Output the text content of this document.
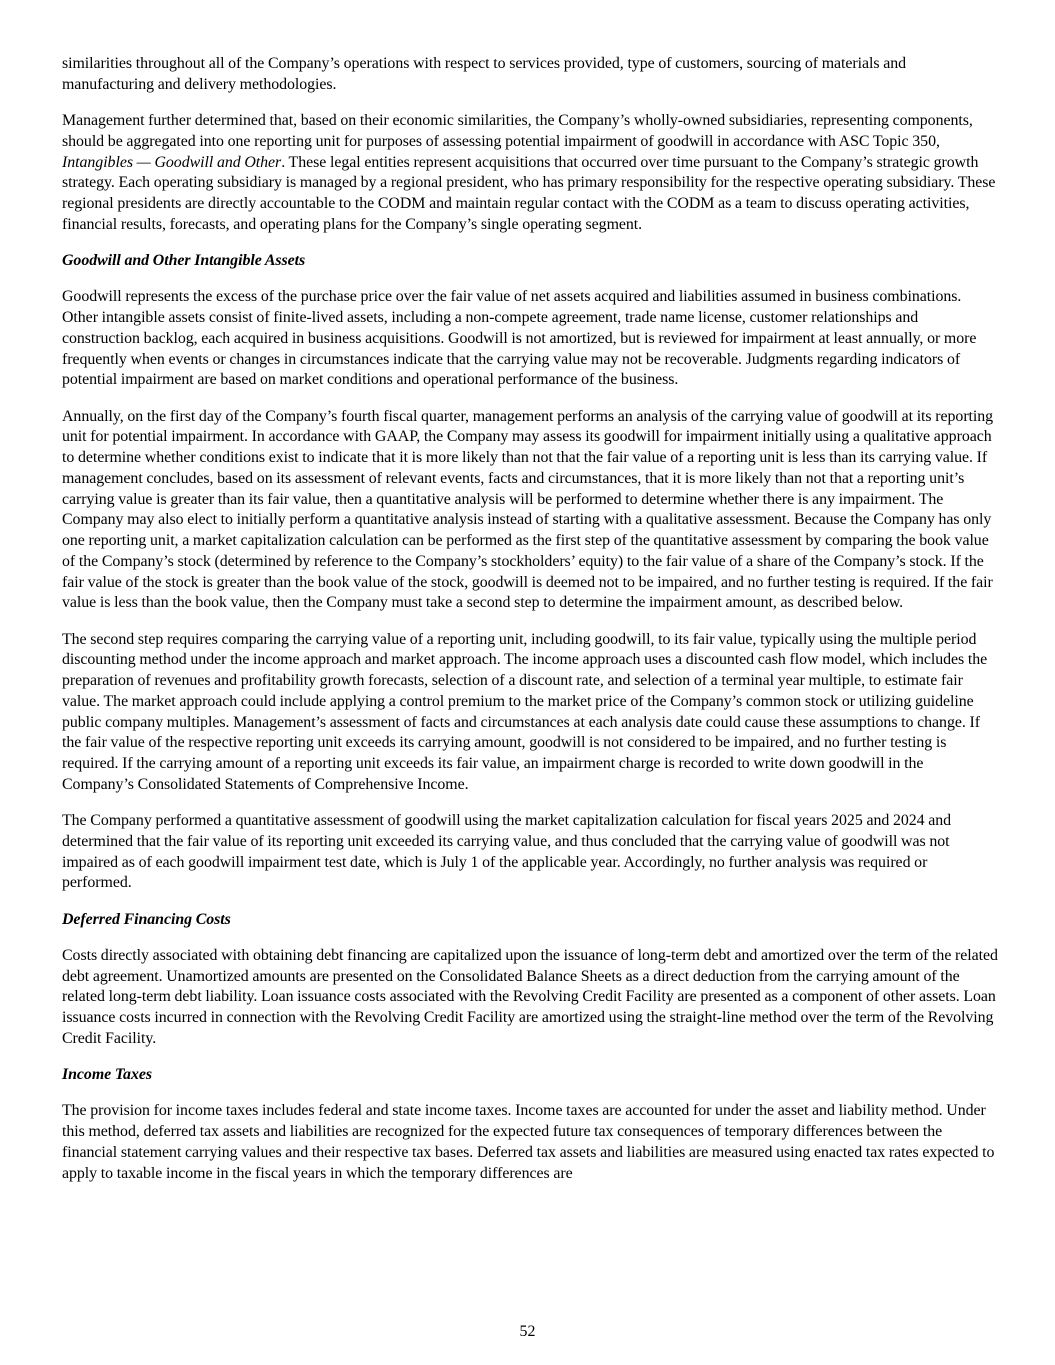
similarities throughout all of the Company’s operations with respect to services provided, type of customers, sourcing of materials and manufacturing and delivery methodologies.

Management further determined that, based on their economic similarities, the Company’s wholly-owned subsidiaries, representing components, should be aggregated into one reporting unit for purposes of assessing potential impairment of goodwill in accordance with ASC Topic 350, Intangibles — Goodwill and Other. These legal entities represent acquisitions that occurred over time pursuant to the Company’s strategic growth strategy. Each operating subsidiary is managed by a regional president, who has primary responsibility for the respective operating subsidiary. These regional presidents are directly accountable to the CODM and maintain regular contact with the CODM as a team to discuss operating activities, financial results, forecasts, and operating plans for the Company’s single operating segment.

Goodwill and Other Intangible Assets

Goodwill represents the excess of the purchase price over the fair value of net assets acquired and liabilities assumed in business combinations. Other intangible assets consist of finite-lived assets, including a non-compete agreement, trade name license, customer relationships and construction backlog, each acquired in business acquisitions. Goodwill is not amortized, but is reviewed for impairment at least annually, or more frequently when events or changes in circumstances indicate that the carrying value may not be recoverable. Judgments regarding indicators of potential impairment are based on market conditions and operational performance of the business.

Annually, on the first day of the Company’s fourth fiscal quarter, management performs an analysis of the carrying value of goodwill at its reporting unit for potential impairment. In accordance with GAAP, the Company may assess its goodwill for impairment initially using a qualitative approach to determine whether conditions exist to indicate that it is more likely than not that the fair value of a reporting unit is less than its carrying value. If management concludes, based on its assessment of relevant events, facts and circumstances, that it is more likely than not that a reporting unit’s carrying value is greater than its fair value, then a quantitative analysis will be performed to determine whether there is any impairment. The Company may also elect to initially perform a quantitative analysis instead of starting with a qualitative assessment. Because the Company has only one reporting unit, a market capitalization calculation can be performed as the first step of the quantitative assessment by comparing the book value of the Company’s stock (determined by reference to the Company’s stockholders’ equity) to the fair value of a share of the Company’s stock. If the fair value of the stock is greater than the book value of the stock, goodwill is deemed not to be impaired, and no further testing is required. If the fair value is less than the book value, then the Company must take a second step to determine the impairment amount, as described below.

The second step requires comparing the carrying value of a reporting unit, including goodwill, to its fair value, typically using the multiple period discounting method under the income approach and market approach. The income approach uses a discounted cash flow model, which includes the preparation of revenues and profitability growth forecasts, selection of a discount rate, and selection of a terminal year multiple, to estimate fair value. The market approach could include applying a control premium to the market price of the Company’s common stock or utilizing guideline public company multiples. Management’s assessment of facts and circumstances at each analysis date could cause these assumptions to change. If the fair value of the respective reporting unit exceeds its carrying amount, goodwill is not considered to be impaired, and no further testing is required. If the carrying amount of a reporting unit exceeds its fair value, an impairment charge is recorded to write down goodwill in the Company’s Consolidated Statements of Comprehensive Income.

The Company performed a quantitative assessment of goodwill using the market capitalization calculation for fiscal years 2025 and 2024 and determined that the fair value of its reporting unit exceeded its carrying value, and thus concluded that the carrying value of goodwill was not impaired as of each goodwill impairment test date, which is July 1 of the applicable year. Accordingly, no further analysis was required or performed.

Deferred Financing Costs

Costs directly associated with obtaining debt financing are capitalized upon the issuance of long-term debt and amortized over the term of the related debt agreement. Unamortized amounts are presented on the Consolidated Balance Sheets as a direct deduction from the carrying amount of the related long-term debt liability. Loan issuance costs associated with the Revolving Credit Facility are presented as a component of other assets. Loan issuance costs incurred in connection with the Revolving Credit Facility are amortized using the straight-line method over the term of the Revolving Credit Facility.

Income Taxes

The provision for income taxes includes federal and state income taxes. Income taxes are accounted for under the asset and liability method. Under this method, deferred tax assets and liabilities are recognized for the expected future tax consequences of temporary differences between the financial statement carrying values and their respective tax bases. Deferred tax assets and liabilities are measured using enacted tax rates expected to apply to taxable income in the fiscal years in which the temporary differences are

52
